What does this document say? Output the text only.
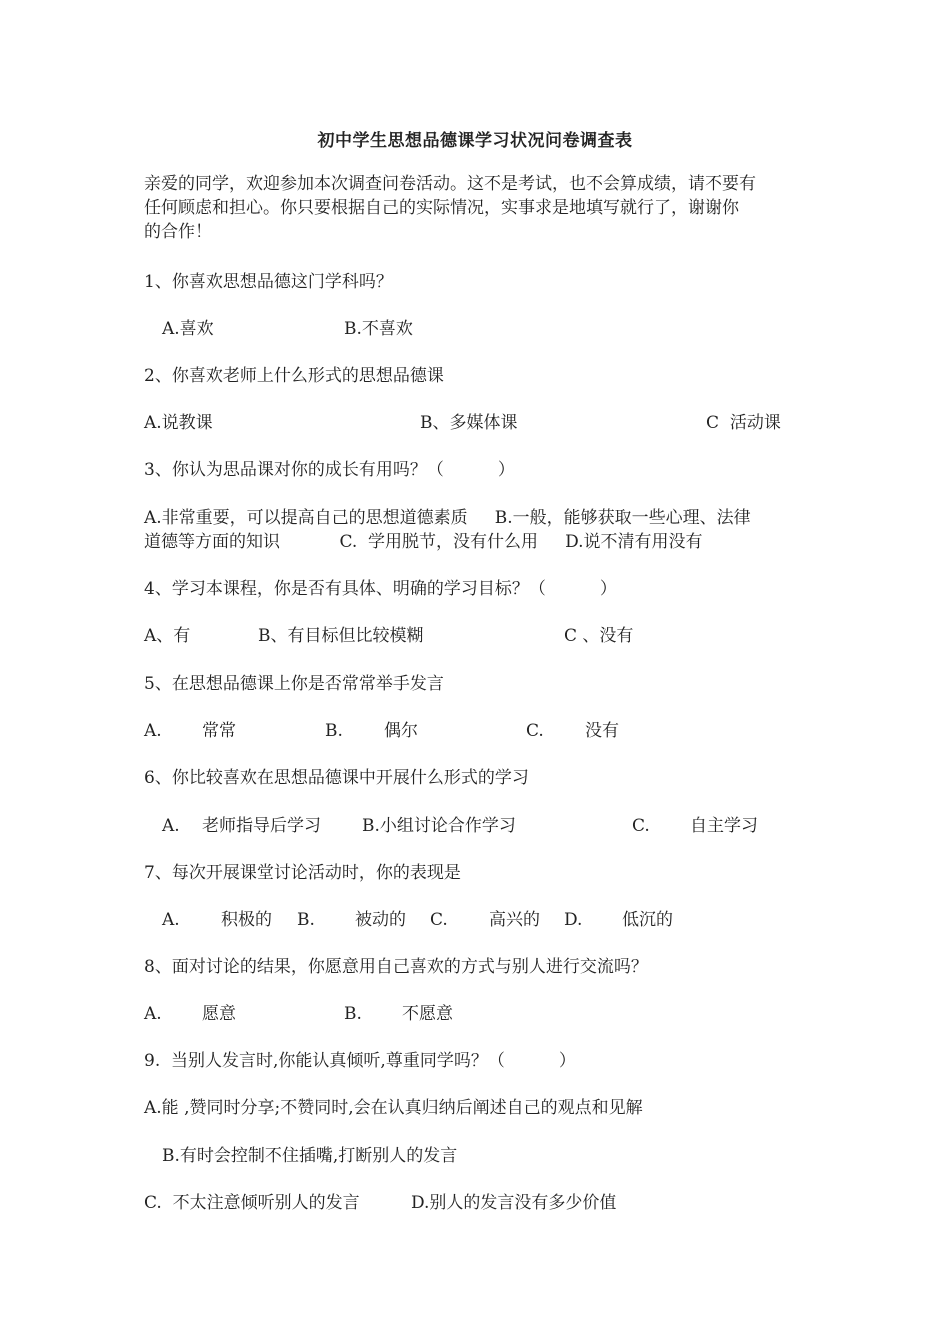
初中学生思想品德课学习状况问卷调查表
亲爱的同学，欢迎参加本次调查问卷活动。这不是考试，也不会算成绩，请不要有
任何顾虑和担心。你只要根据自己的实际情况，实事求是地填写就行了，谢谢你
的合作！
1、你喜欢思想品德这门学科吗？
A.喜欢	B.不喜欢
2、你喜欢老师上什么形式的思想品德课
A.说教课	B、多媒体课	C  活动课
3、你认为思品课对你的成长有用吗？（          ）
A.非常重要，可以提高自己的思想道德素质     B.一般，能够获取一些心理、法律
道德等方面的知识           C.  学用脱节，没有什么用     D.说不清有用没有
4、学习本课程，你是否有具体、明确的学习目标？（          ）
A、有	B、有目标但比较模糊	C 、没有
5、在思想品德课上你是否常常举手发言
A. 常常	B. 偶尔	C. 没有
6、你比较喜欢在思想品德课中开展什么形式的学习
A. 老师指导后学习 B.小组讨论合作学习	C. 自主学习
7、每次开展课堂讨论活动时，你的表现是
A. 积极的 B. 被动的 C. 高兴的 D. 低沉的
8、面对讨论的结果，你愿意用自己喜欢的方式与别人进行交流吗？
A. 愿意	B. 不愿意
9.  当别人发言时,你能认真倾听,尊重同学吗？（          ）
A.能 ,赞同时分享;不赞同时,会在认真归纳后阐述自己的观点和见解
B.有时会控制不住插嘴,打断别人的发言
C.  不太注意倾听别人的发言	D.别人的发言没有多少价值
